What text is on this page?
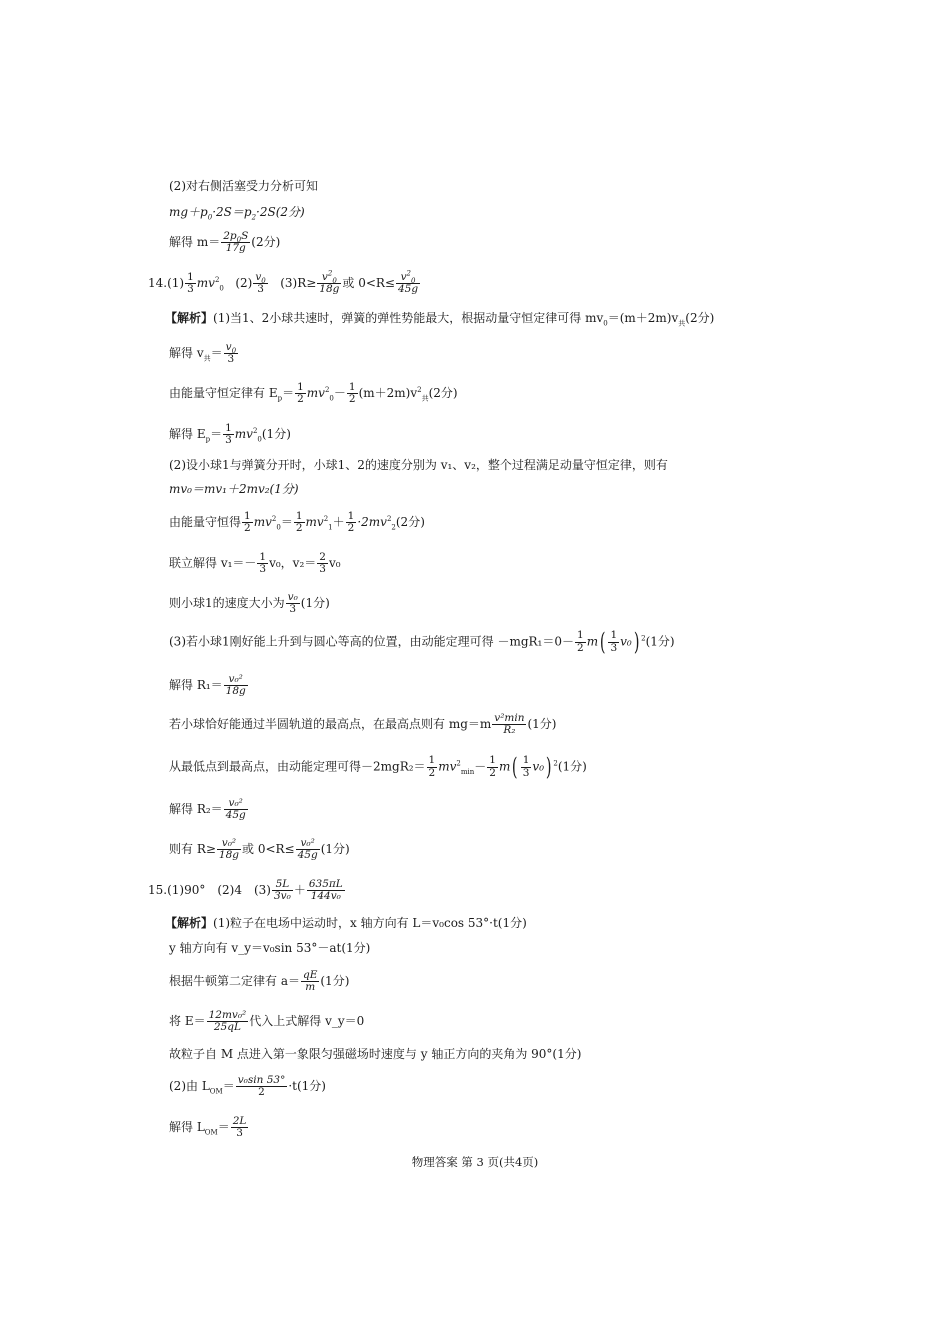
(2)对右侧活塞受力分析可知
$mg+p_0\cdot 2S=p_2\cdot 2S(2$分)
解得 $m= \frac{2p_0S}{17g} (2$分)
$14.(1) \frac{1}{3} mv^2_0$ $(2) \frac{v_0}{3} (3)R\ge \frac{v^2_0}{18g}$ 或 $0<R\le \frac{v^2_0}{45g}$
【解析】(1)当1、2小球共速时，弹簧的弹性势能最大，根据动量守恒定律可得 $mv_0=(m+2m)v_共(2$分)
解得 $v_共= \frac{v_0}{3}$
由能量守恒定律有 $E_p= \frac{1}{2} mv^2_0- \frac{1}{2} (m+2m)v^2_共(2$分)
解得 $E_p= \frac{1}{3} mv^2_0(1$分)
(2)设小球1与弹簧分开时，小球1、2的速度分别为 v₁、v₂，整个过程满足动量守恒定律，则有
mv₀＝mv₁＋2mv₂(1分)
由能量守恒得 $\frac{1}{2} mv^2_0= \frac{1}{2} mv^2_1+ \frac{1}{2} \cdot 2mv^2_2(2$分)
联立解得 $v_1=- \frac{1}{3} v_0$，$v_2= \frac{2}{3} v_0$
则小球1的速度大小为 $\frac{\text{v₀}}{3} (1$分)
(3)若小球1刚好能上升到与圆心等高的位置，由动能定理可得 $-mgR_1=0- \frac{1}{2} m( \frac{1}{3} v_0)$ $^2$(1分)
解得 $R_1= \frac{\text{v₀²}}{18g}$
若小球恰好能通过半圆轨道的最高点，在最高点则有 $mg=m \frac{\text{v²min}}{\text{R₂}} (1$分)
从最低点到最高点，由动能定理可得$-2mgR_2= \frac{1}{2} mv^2_{min}- \frac{1}{2} m( \frac{1}{3} v_0)$ $^2$(1分)
解得 $R_2= \frac{\text{v₀²}}{45g}$
则有 $R\ge \frac{\text{v₀²}}{18g}$ 或 $0<R\le \frac{\text{v₀²}}{45g} (1$分)
15.(1)90°　(2)4　$(3) \frac{5L}{\text{3v₀}} + \frac{635\pi L}{\text{144v₀}}$
【解析】(1)粒子在电场中运动时，x 轴方向有 L＝v₀cos 53°·t(1分)
y 轴方向有 v_y＝v₀sin 53°－at(1分)
根据牛顿第二定律有 $a= \frac{qE}{m} (1$分)
将 $E= \frac{\text{12mv₀²}}{25qL}$ 代入上式解得 v_y＝0
故粒子自 M 点进入第一象限匀强磁场时速度与 y 轴正方向的夹角为 90°(1分)
(2)由 $L_{OM}= \frac{\text{v₀sin 53°}}{2} \cdot t(1$分)
解得 $L_{OM}= \frac{2L}{3}$
物理答案 第 3 页(共4页)
